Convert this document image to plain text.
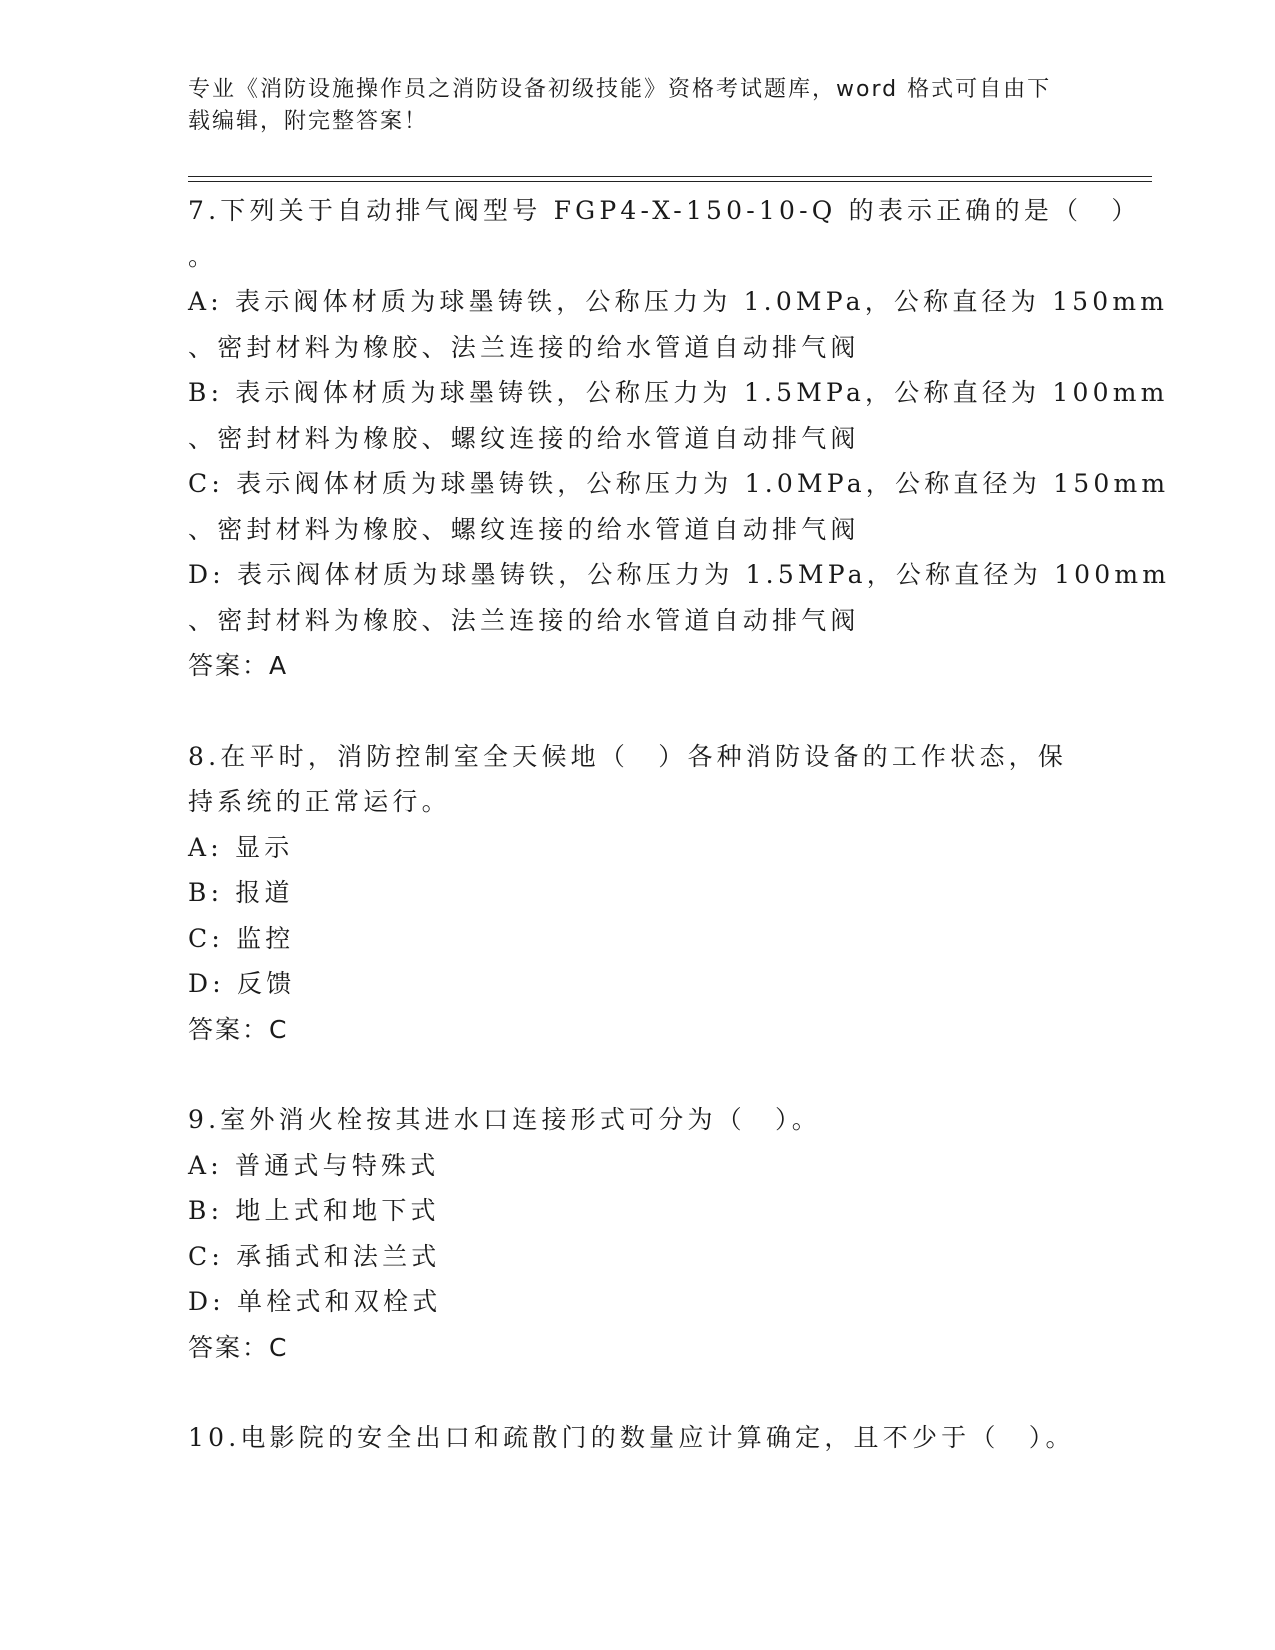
专业《消防设施操作员之消防设备初级技能》资格考试题库，word 格式可自由下
载编辑，附完整答案！
7.下列关于自动排气阀型号 FGP4-X-150-10-Q 的表示正确的是（　）
。
A: 表示阀体材质为球墨铸铁，公称压力为 1.0MPa，公称直径为 150mm
、密封材料为橡胶、法兰连接的给水管道自动排气阀
B: 表示阀体材质为球墨铸铁，公称压力为 1.5MPa，公称直径为 100mm
、密封材料为橡胶、螺纹连接的给水管道自动排气阀
C: 表示阀体材质为球墨铸铁，公称压力为 1.0MPa，公称直径为 150mm
、密封材料为橡胶、螺纹连接的给水管道自动排气阀
D: 表示阀体材质为球墨铸铁，公称压力为 1.5MPa，公称直径为 100mm
、密封材料为橡胶、法兰连接的给水管道自动排气阀
答案：A
8.在平时，消防控制室全天候地（　）各种消防设备的工作状态，保
持系统的正常运行。
A: 显示
B: 报道
C: 监控
D: 反馈
答案：C
9.室外消火栓按其进水口连接形式可分为（　）。
A: 普通式与特殊式
B: 地上式和地下式
C: 承插式和法兰式
D: 单栓式和双栓式
答案：C
10.电影院的安全出口和疏散门的数量应计算确定，且不少于（　）。
